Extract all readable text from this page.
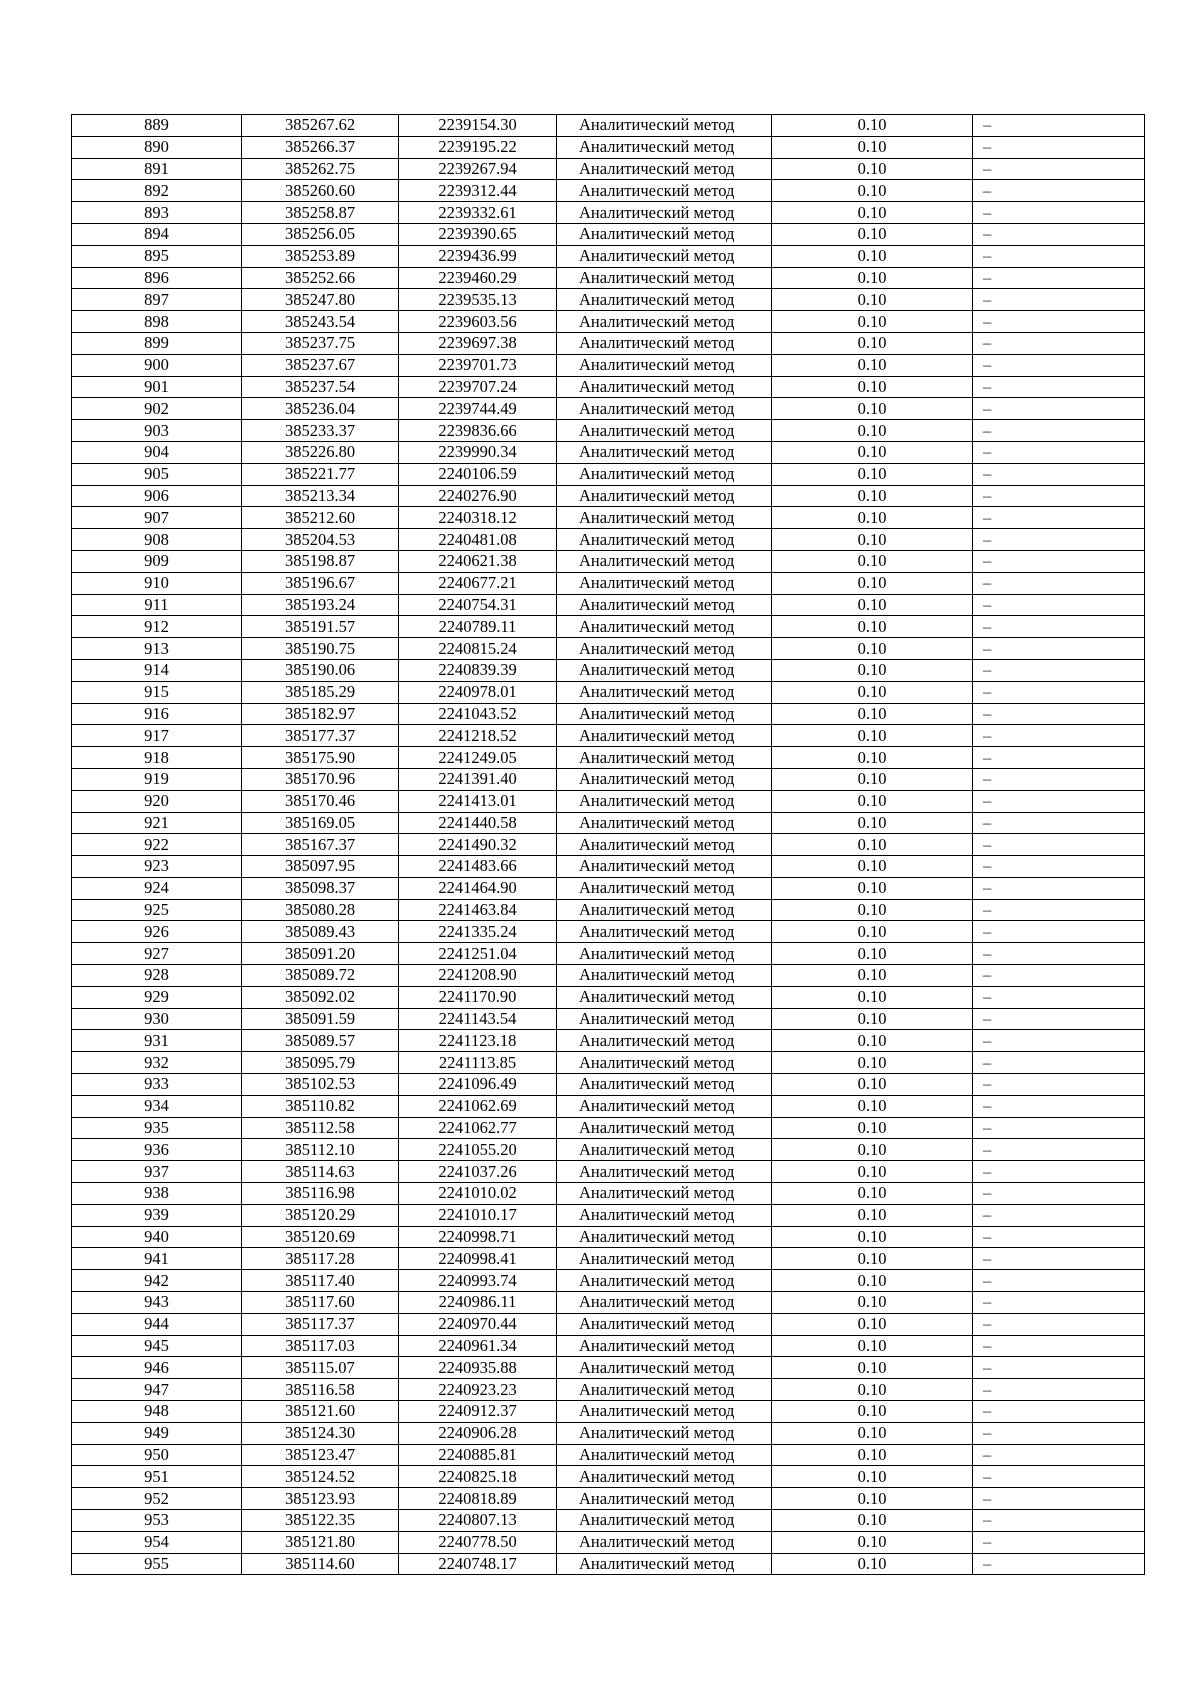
889	385267.62	2239154.30	Аналитический метод	0.10	–
890	385266.37	2239195.22	Аналитический метод	0.10	–
891	385262.75	2239267.94	Аналитический метод	0.10	–
892	385260.60	2239312.44	Аналитический метод	0.10	–
893	385258.87	2239332.61	Аналитический метод	0.10	–
894	385256.05	2239390.65	Аналитический метод	0.10	–
895	385253.89	2239436.99	Аналитический метод	0.10	–
896	385252.66	2239460.29	Аналитический метод	0.10	–
897	385247.80	2239535.13	Аналитический метод	0.10	–
898	385243.54	2239603.56	Аналитический метод	0.10	–
899	385237.75	2239697.38	Аналитический метод	0.10	–
900	385237.67	2239701.73	Аналитический метод	0.10	–
901	385237.54	2239707.24	Аналитический метод	0.10	–
902	385236.04	2239744.49	Аналитический метод	0.10	–
903	385233.37	2239836.66	Аналитический метод	0.10	–
904	385226.80	2239990.34	Аналитический метод	0.10	–
905	385221.77	2240106.59	Аналитический метод	0.10	–
906	385213.34	2240276.90	Аналитический метод	0.10	–
907	385212.60	2240318.12	Аналитический метод	0.10	–
908	385204.53	2240481.08	Аналитический метод	0.10	–
909	385198.87	2240621.38	Аналитический метод	0.10	–
910	385196.67	2240677.21	Аналитический метод	0.10	–
911	385193.24	2240754.31	Аналитический метод	0.10	–
912	385191.57	2240789.11	Аналитический метод	0.10	–
913	385190.75	2240815.24	Аналитический метод	0.10	–
914	385190.06	2240839.39	Аналитический метод	0.10	–
915	385185.29	2240978.01	Аналитический метод	0.10	–
916	385182.97	2241043.52	Аналитический метод	0.10	–
917	385177.37	2241218.52	Аналитический метод	0.10	–
918	385175.90	2241249.05	Аналитический метод	0.10	–
919	385170.96	2241391.40	Аналитический метод	0.10	–
920	385170.46	2241413.01	Аналитический метод	0.10	–
921	385169.05	2241440.58	Аналитический метод	0.10	–
922	385167.37	2241490.32	Аналитический метод	0.10	–
923	385097.95	2241483.66	Аналитический метод	0.10	–
924	385098.37	2241464.90	Аналитический метод	0.10	–
925	385080.28	2241463.84	Аналитический метод	0.10	–
926	385089.43	2241335.24	Аналитический метод	0.10	–
927	385091.20	2241251.04	Аналитический метод	0.10	–
928	385089.72	2241208.90	Аналитический метод	0.10	–
929	385092.02	2241170.90	Аналитический метод	0.10	–
930	385091.59	2241143.54	Аналитический метод	0.10	–
931	385089.57	2241123.18	Аналитический метод	0.10	–
932	385095.79	2241113.85	Аналитический метод	0.10	–
933	385102.53	2241096.49	Аналитический метод	0.10	–
934	385110.82	2241062.69	Аналитический метод	0.10	–
935	385112.58	2241062.77	Аналитический метод	0.10	–
936	385112.10	2241055.20	Аналитический метод	0.10	–
937	385114.63	2241037.26	Аналитический метод	0.10	–
938	385116.98	2241010.02	Аналитический метод	0.10	–
939	385120.29	2241010.17	Аналитический метод	0.10	–
940	385120.69	2240998.71	Аналитический метод	0.10	–
941	385117.28	2240998.41	Аналитический метод	0.10	–
942	385117.40	2240993.74	Аналитический метод	0.10	–
943	385117.60	2240986.11	Аналитический метод	0.10	–
944	385117.37	2240970.44	Аналитический метод	0.10	–
945	385117.03	2240961.34	Аналитический метод	0.10	–
946	385115.07	2240935.88	Аналитический метод	0.10	–
947	385116.58	2240923.23	Аналитический метод	0.10	–
948	385121.60	2240912.37	Аналитический метод	0.10	–
949	385124.30	2240906.28	Аналитический метод	0.10	–
950	385123.47	2240885.81	Аналитический метод	0.10	–
951	385124.52	2240825.18	Аналитический метод	0.10	–
952	385123.93	2240818.89	Аналитический метод	0.10	–
953	385122.35	2240807.13	Аналитический метод	0.10	–
954	385121.80	2240778.50	Аналитический метод	0.10	–
955	385114.60	2240748.17	Аналитический метод	0.10	–
